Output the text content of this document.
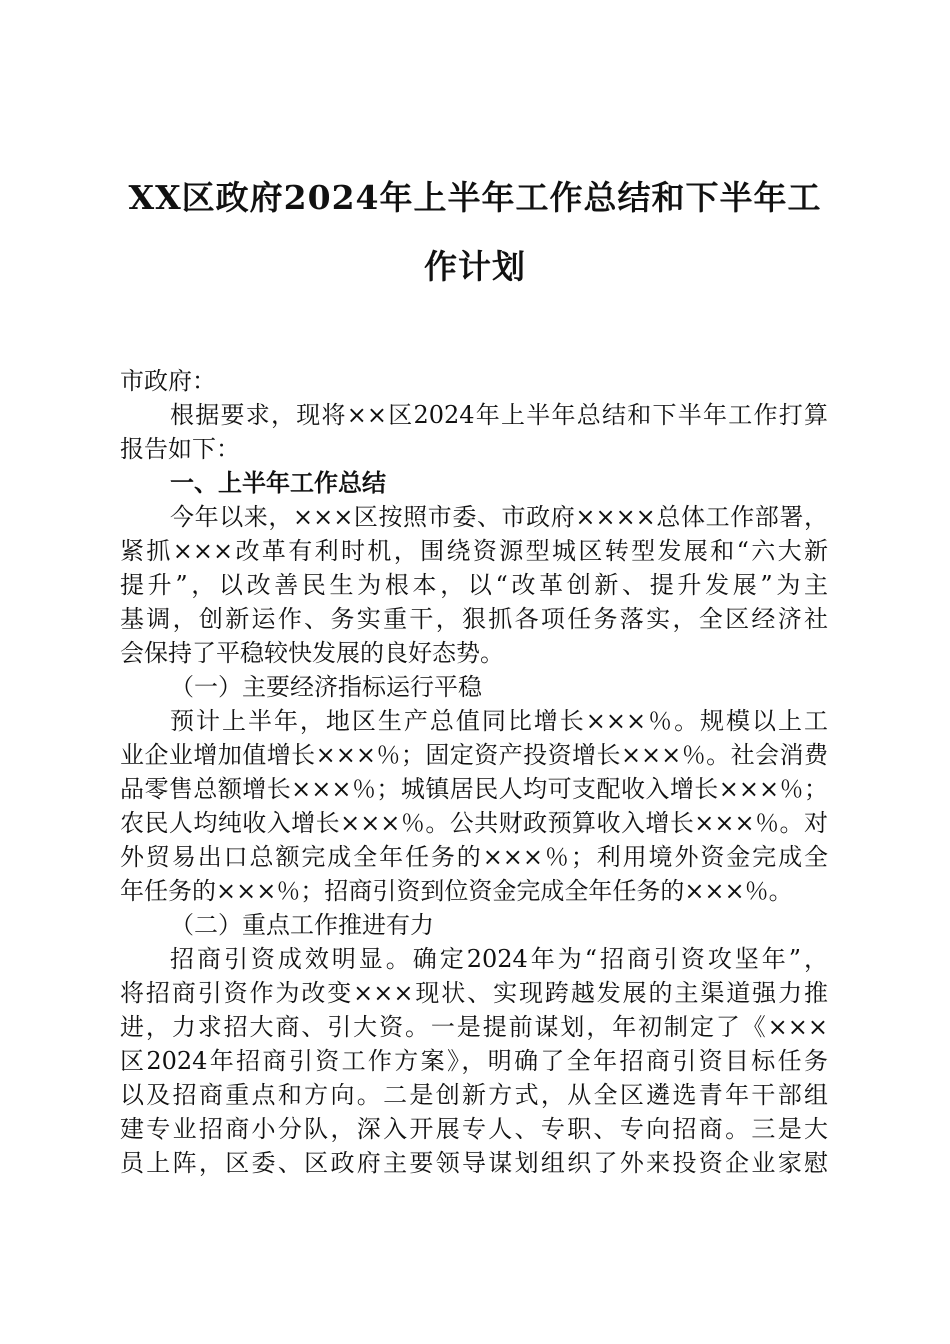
XX区政府2024年上半年工作总结和下半年工
作计划
市政府：
根据要求，现将××区2024年上半年总结和下半年工作打算
报告如下：
一、上半年工作总结
今年以来，×××区按照市委、市政府××××总体工作部署，
紧抓×××改革有利时机，围绕资源型城区转型发展和“六大新
提升”，以改善民生为根本，以“改革创新、提升发展”为主
基调，创新运作、务实重干，狠抓各项任务落实，全区经济社
会保持了平稳较快发展的良好态势。
（一）主要经济指标运行平稳
预计上半年，地区生产总值同比增长×××％。规模以上工
业企业增加值增长×××％；固定资产投资增长×××％。社会消费
品零售总额增长×××％；城镇居民人均可支配收入增长×××％；
农民人均纯收入增长×××％。公共财政预算收入增长×××％。对
外贸易出口总额完成全年任务的×××％；利用境外资金完成全
年任务的×××％；招商引资到位资金完成全年任务的×××％。
（二）重点工作推进有力
招商引资成效明显。确定2024年为“招商引资攻坚年”，
将招商引资作为改变×××现状、实现跨越发展的主渠道强力推
进，力求招大商、引大资。一是提前谋划，年初制定了《×××
区2024年招商引资工作方案》，明确了全年招商引资目标任务
以及招商重点和方向。二是创新方式，从全区遴选青年干部组
建专业招商小分队，深入开展专人、专职、专向招商。三是大
员上阵，区委、区政府主要领导谋划组织了外来投资企业家慰
